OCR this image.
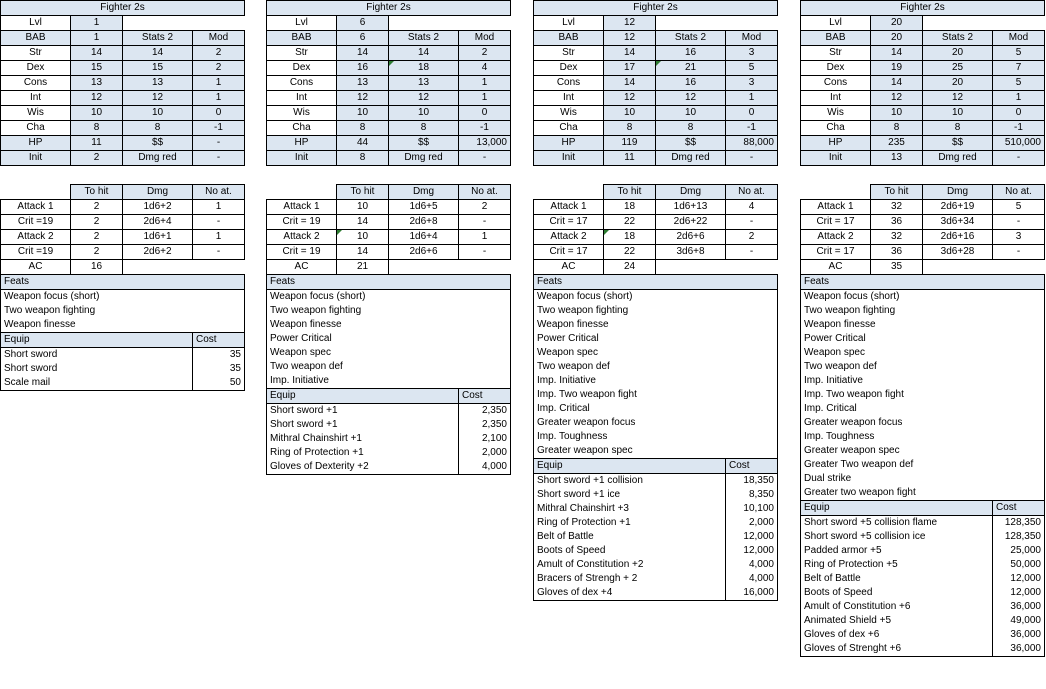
Fighter 2s			
Lvl	1		
BAB	1	Stats 2	Mod
Str	14	14	2
Dex	15	15	2
Cons	13	13	1
Int	12	12	1
Wis	10	10	0
Cha	8	8	-1
HP	11	$$	-
Init	2	Dmg red	-

	To hit	Dmg	No at.
Attack 1	2	1d6+2	1
Crit =19	2	2d6+4	-
Attack 2	2	1d6+1	1
Crit =19	2	2d6+2	-
AC	16		
Feats			
Weapon focus (short)			
Two weapon fighting			
Weapon finesse			
Equip			Cost
Short sword			35
Short sword			35
Scale mail			50
Fighter 2s			
Lvl	6		
BAB	6	Stats 2	Mod
Str	14	14	2
Dex	16	18	4
Cons	13	13	1
Int	12	12	1
Wis	10	10	0
Cha	8	8	-1
HP	44	$$	13,000
Init	8	Dmg red	-

	To hit	Dmg	No at.
Attack 1	10	1d6+5	2
Crit = 19	14	2d6+8	-
Attack 2	10	1d6+4	1
Crit = 19	14	2d6+6	-
AC	21		
Feats			
Weapon focus (short)			
Two weapon fighting			
Weapon finesse			
Power Critical			
Weapon spec			
Two weapon def			
Imp. Initiative			
Equip			Cost
Short sword +1			2,350
Short sword +1			2,350
Mithral Chainshirt +1			2,100
Ring of Protection +1			2,000
Gloves of Dexterity +2			4,000
Fighter 2s			
Lvl	12		
BAB	12	Stats 2	Mod
Str	14	16	3
Dex	17	21	5
Cons	14	16	3
Int	12	12	1
Wis	10	10	0
Cha	8	8	-1
HP	119	$$	88,000
Init	11	Dmg red	-

	To hit	Dmg	No at.
Attack 1	18	1d6+13	4
Crit = 17	22	2d6+22	-
Attack 2	18	2d6+6	2
Crit = 17	22	3d6+8	-
AC	24		
Feats			
Weapon focus (short)			
Two weapon fighting			
Weapon finesse			
Power Critical			
Weapon spec			
Two weapon def			
Imp. Initiative			
Imp. Two weapon fight			
Imp. Critical			
Greater weapon focus			
Imp. Toughness			
Greater weapon spec			
Equip			Cost
Short sword +1 collision			18,350
Short sword +1 ice			8,350
Mithral Chainshirt +3			10,100
Ring of Protection +1			2,000
Belt of Battle			12,000
Boots of Speed			12,000
Amult of Constitution +2			4,000
Bracers of Strengh + 2			4,000
Gloves of dex +4			16,000
Fighter 2s			
Lvl	20		
BAB	20	Stats 2	Mod
Str	14	20	5
Dex	19	25	7
Cons	14	20	5
Int	12	12	1
Wis	10	10	0
Cha	8	8	-1
HP	235	$$	510,000
Init	13	Dmg red	-

	To hit	Dmg	No at.
Attack 1	32	2d6+19	5
Crit = 17	36	3d6+34	-
Attack 2	32	2d6+16	3
Crit = 17	36	3d6+28	-
AC	35		
Feats			
Weapon focus (short)			
Two weapon fighting			
Weapon finesse			
Power Critical			
Weapon spec			
Two weapon def			
Imp. Initiative			
Imp. Two weapon fight			
Imp. Critical			
Greater weapon focus			
Imp. Toughness			
Greater weapon spec			
Greater Two weapon def			
Dual strike			
Greater two weapon fight			
Equip			Cost
Short sword +5 collision flame			128,350
Short sword +5 collision ice			128,350
Padded armor +5			25,000
Ring of Protection +5			50,000
Belt of Battle			12,000
Boots of Speed			12,000
Amult of Constitution +6			36,000
Animated Shield +5			49,000
Gloves of dex +6			36,000
Gloves of Strenght +6			36,000
